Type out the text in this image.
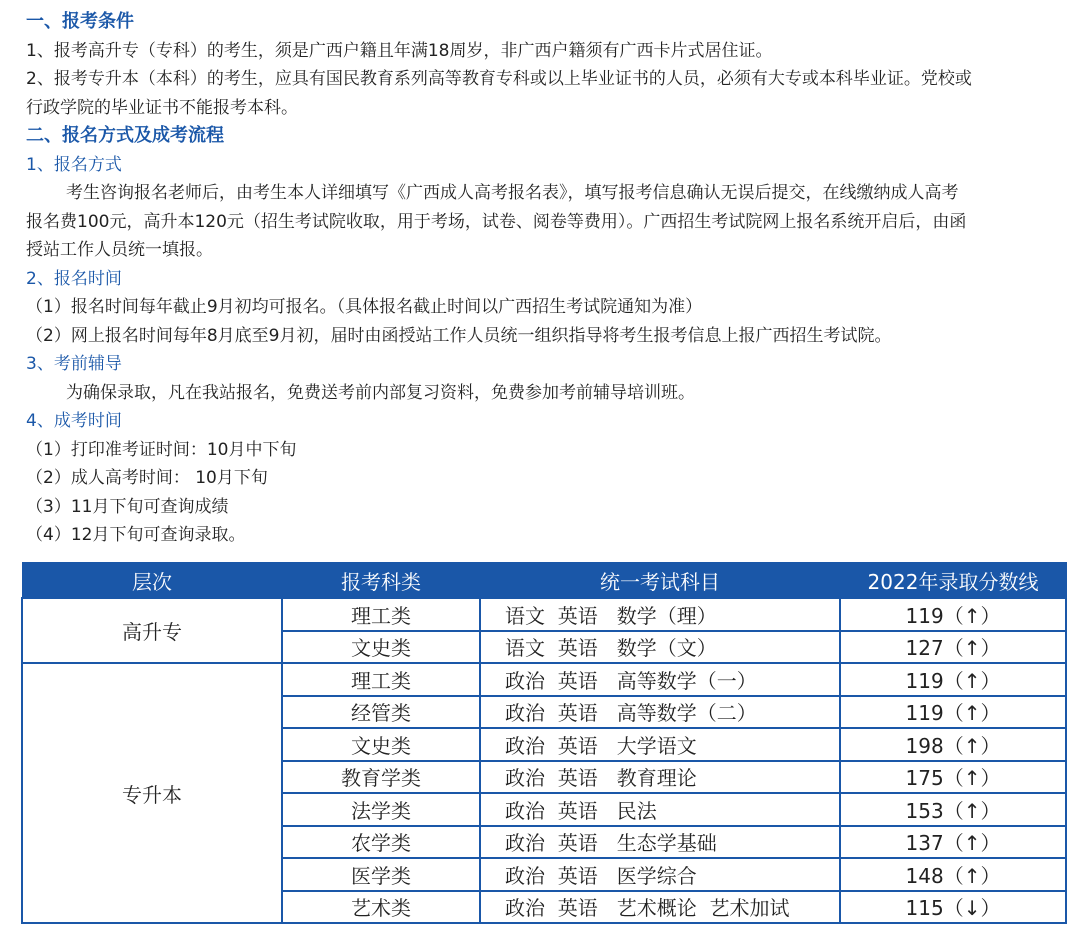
一、报考条件
1、报考高升专（专科）的考生，须是广西户籍且年满18周岁，非广西户籍须有广西卡片式居住证。
2、报考专升本（本科）的考生，应具有国民教育系列高等教育专科或以上毕业证书的人员，必须有大专或本科毕业证。党校或
行政学院的毕业证书不能报考本科。
二、报名方式及成考流程
1、报名方式
考生咨询报名老师后，由考生本人详细填写《广西成人高考报名表》，填写报考信息确认无误后提交，在线缴纳成人高考
报名费100元，高升本120元（招生考试院收取，用于考场，试卷、阅卷等费用）。广西招生考试院网上报名系统开启后，由函
授站工作人员统一填报。
2、报名时间
（1）报名时间每年截止9月初均可报名。（具体报名截止时间以广西招生考试院通知为准）
（2）网上报名时间每年8月底至9月初，届时由函授站工作人员统一组织指导将考生报考信息上报广西招生考试院。
3、考前辅导
为确保录取，凡在我站报名，免费送考前内部复习资料，免费参加考前辅导培训班。
4、成考时间
（1）打印准考证时间：10月中下旬
（2）成人高考时间： 10月下旬
（3）11月下旬可查询成绩
（4）12月下旬可查询录取。
层次	报考科类	统一考试科目	2022年录取分数线
高升专	理工类	语文  英语   数学（理）	119（↑）
	文史类	语文  英语   数学（文）	127（↑）
专升本	理工类	政治  英语   高等数学（一）	119（↑）
	经管类	政治  英语   高等数学（二）	119（↑）
	文史类	政治  英语   大学语文	198（↑）
	教育学类	政治  英语   教育理论	175（↑）
	法学类	政治  英语   民法	153（↑）
	农学类	政治  英语   生态学基础	137（↑）
	医学类	政治  英语   医学综合	148（↑）
	艺术类	政治  英语   艺术概论  艺术加试	115（↓）
